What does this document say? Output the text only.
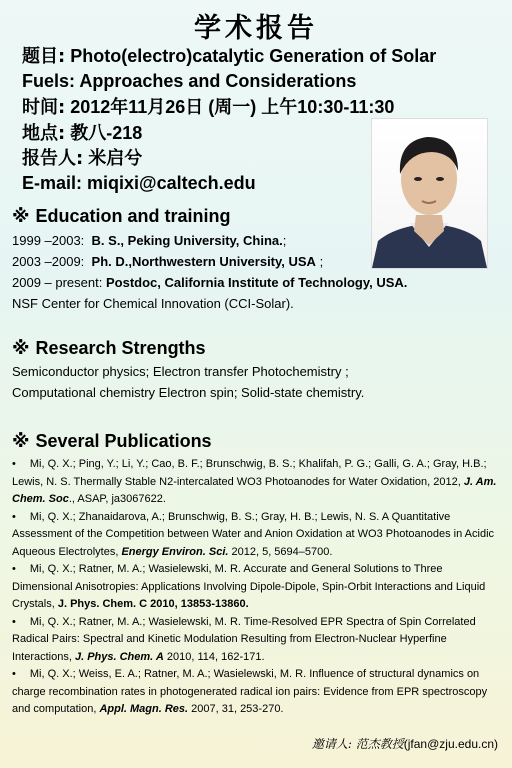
学术报告
题目: Photo(electro)catalytic Generation of Solar
Fuels: Approaches and Considerations
时间: 2012年11月26日 (周一) 上午10:30-11:30
地点: 教八-218
报告人: 米启兮
E-mail: miqixi@caltech.edu
※ Education and training
1999 –2003: B. S., Peking University, China.;
2003 –2009: Ph. D.,Northwestern University, USA ;
2009 – present: Postdoc, California Institute of Technology, USA.
NSF Center for Chemical Innovation (CCI-Solar).
※ Research Strengths
Semiconductor physics; Electron transfer Photochemistry ;
Computational chemistry Electron spin; Solid-state chemistry.
※ Several Publications

• Mi, Q. X.; Ping, Y.; Li, Y.; Cao, B. F.; Brunschwig, B. S.; Khalifah, P. G.; Galli, G. A.; Gray, H.B.; Lewis, N. S. Thermally Stable N2-intercalated WO3 Photoanodes for Water Oxidation, 2012, J. Am. Chem. Soc., ASAP, ja3067622.

• Mi, Q. X.; Zhanaidarova, A.; Brunschwig, B. S.; Gray, H. B.; Lewis, N. S. A Quantitative Assessment of the Competition between Water and Anion Oxidation at WO3 Photoanodes in Acidic Aqueous Electrolytes, Energy Environ. Sci. 2012, 5, 5694–5700.

• Mi, Q. X.; Ratner, M. A.; Wasielewski, M. R. Accurate and General Solutions to Three Dimensional Anisotropies: Applications Involving Dipole-Dipole, Spin-Orbit Interactions and Liquid Crystals, J. Phys. Chem. C 2010, 13853-13860.

• Mi, Q. X.; Ratner, M. A.; Wasielewski, M. R. Time-Resolved EPR Spectra of Spin Correlated Radical Pairs: Spectral and Kinetic Modulation Resulting from Electron-Nuclear Hyperfine Interactions, J. Phys. Chem. A 2010, 114, 162-171.

• Mi, Q. X.; Weiss, E. A.; Ratner, M. A.; Wasielewski, M. R. Influence of structural dynamics on charge recombination rates in photogenerated radical ion pairs: Evidence from EPR spectroscopy and computation, Appl. Magn. Res. 2007, 31, 253-270.

邀请人: 范杰教授(jfan@zju.edu.cn)
